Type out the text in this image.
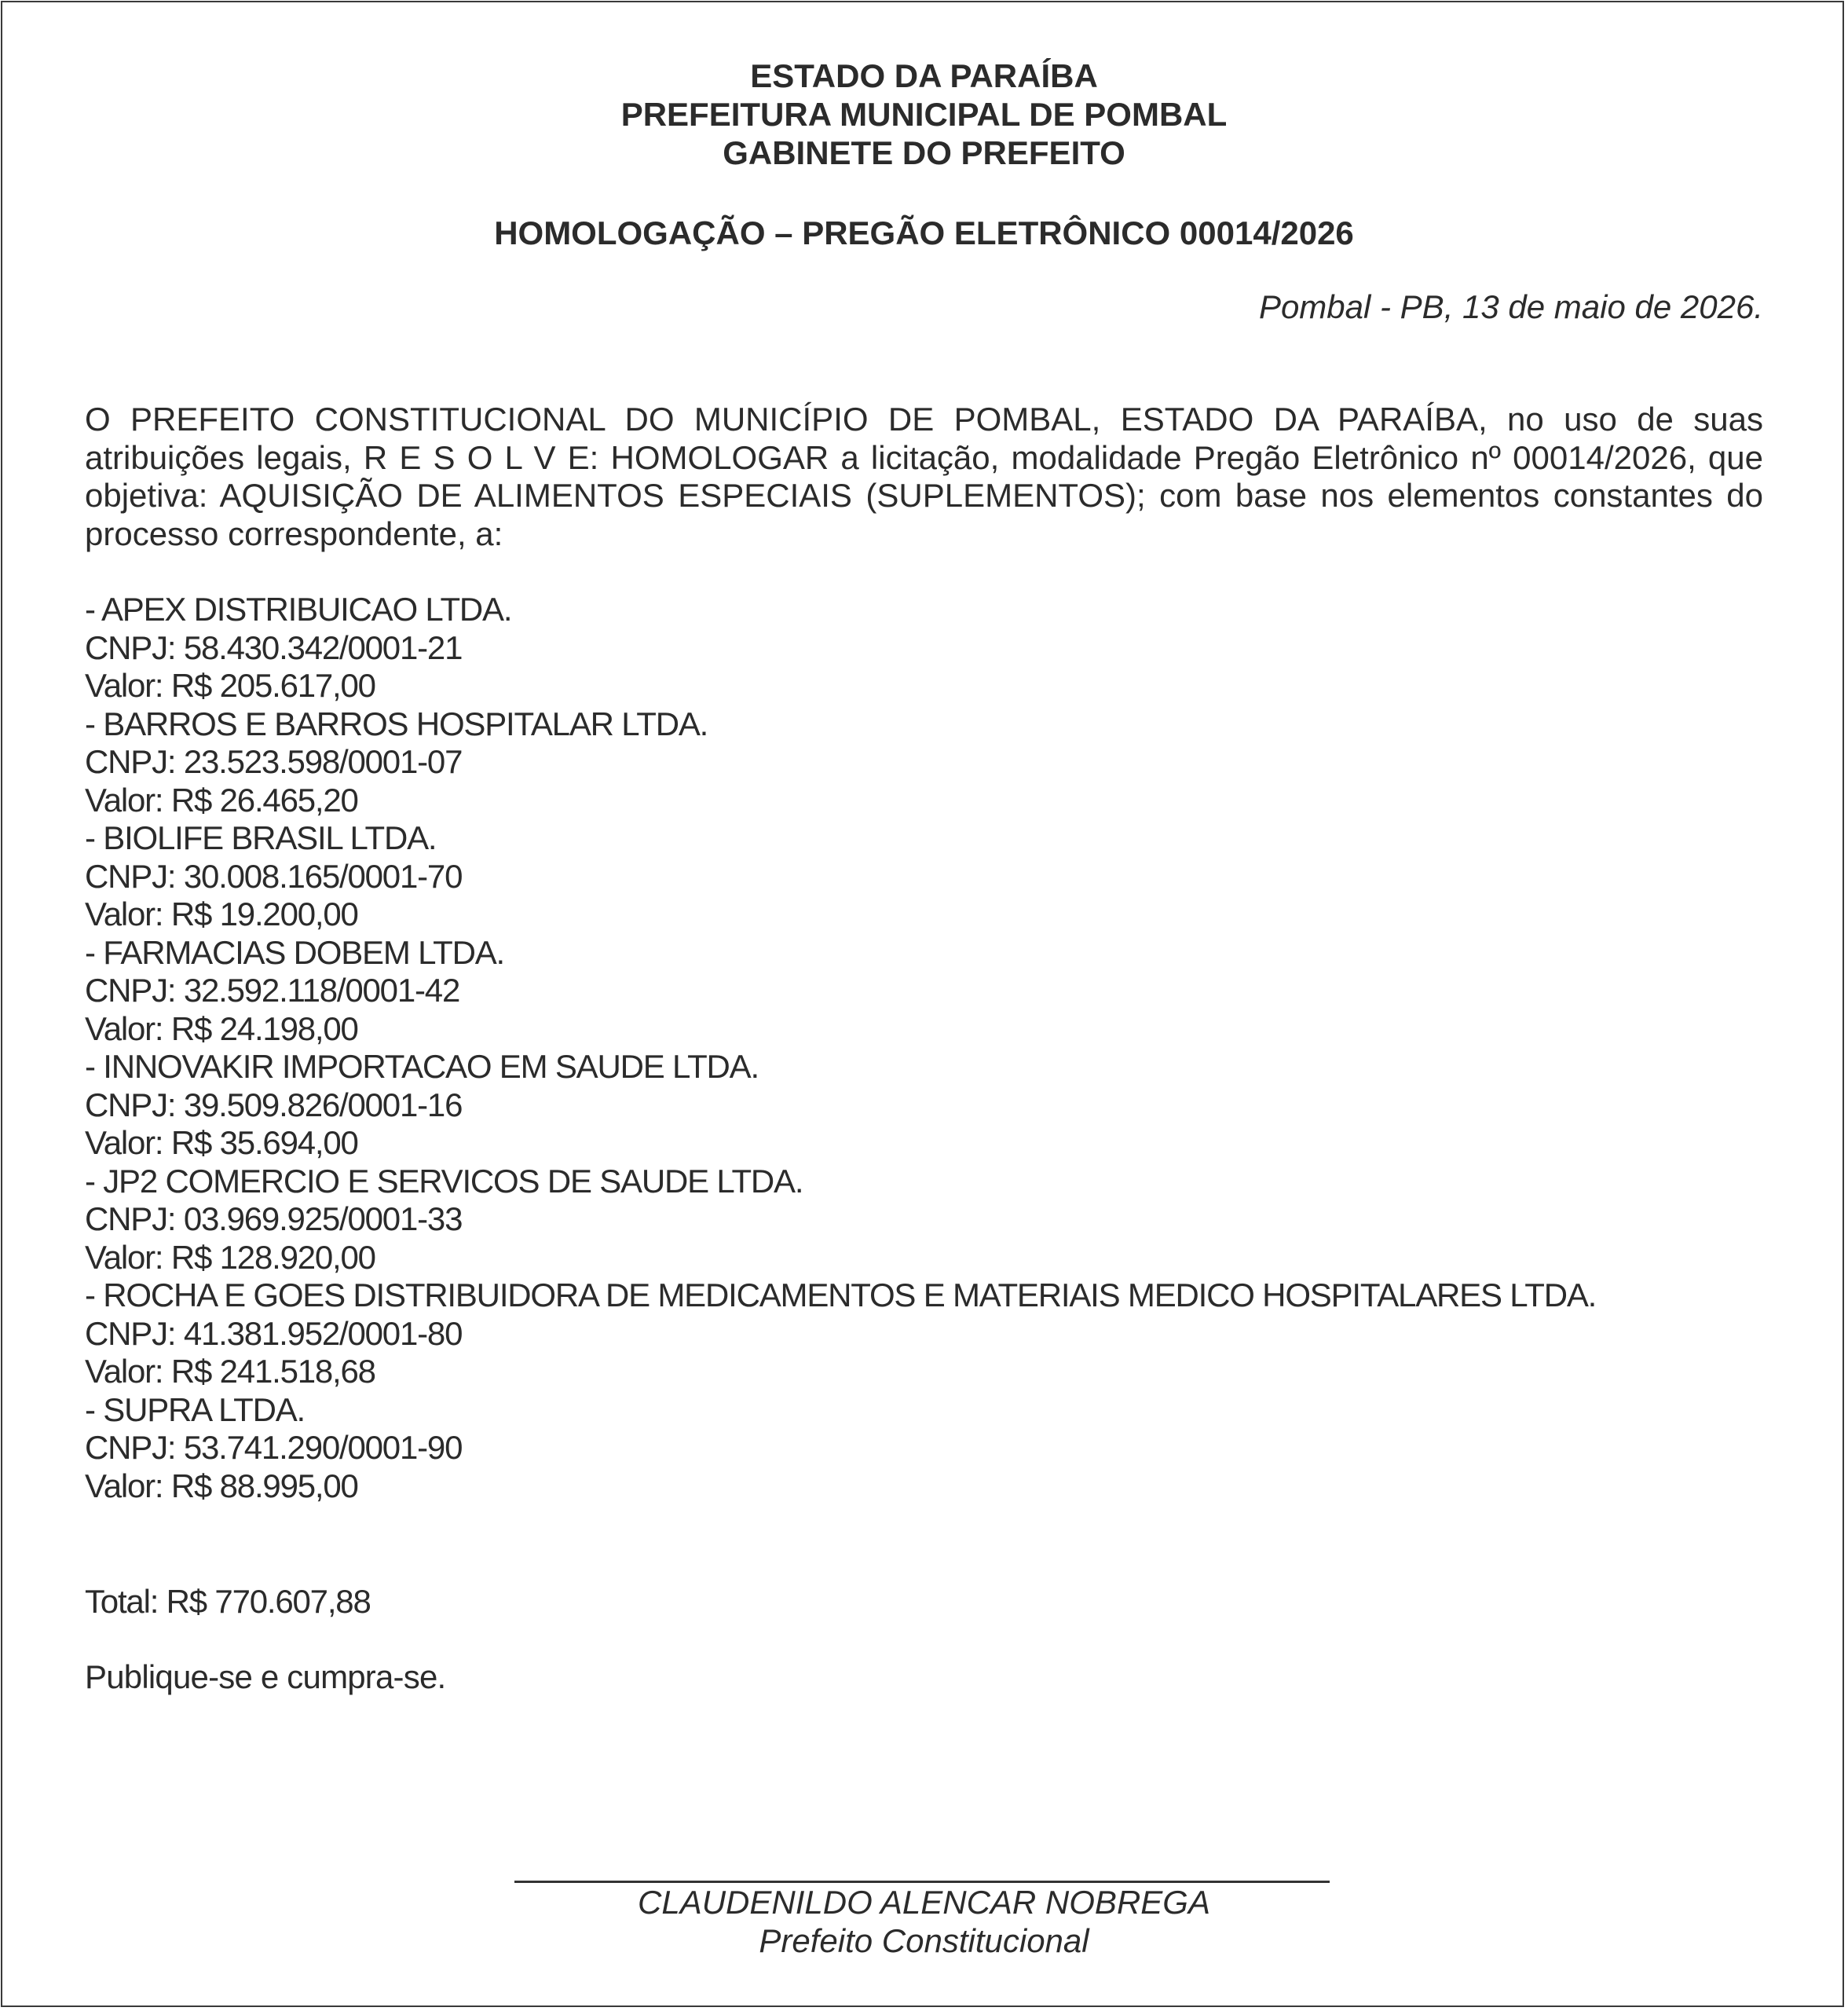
ESTADO DA PARAÍBA
PREFEITURA MUNICIPAL DE POMBAL
GABINETE DO PREFEITO
HOMOLOGAÇÃO – PREGÃO ELETRÔNICO 00014/2026
Pombal - PB, 13 de maio de 2026.
O PREFEITO CONSTITUCIONAL DO MUNICÍPIO DE POMBAL, ESTADO DA PARAÍBA, no uso de suas atribuições legais, R E S O L V E: HOMOLOGAR a licitação, modalidade Pregão Eletrônico nº 00014/2026, que objetiva: AQUISIÇÃO DE ALIMENTOS ESPECIAIS (SUPLEMENTOS); com base nos elementos constantes do processo correspondente, a:
- APEX DISTRIBUICAO LTDA.
CNPJ: 58.430.342/0001-21
Valor: R$ 205.617,00
- BARROS E BARROS HOSPITALAR LTDA.
CNPJ: 23.523.598/0001-07
Valor: R$ 26.465,20
- BIOLIFE BRASIL LTDA.
CNPJ: 30.008.165/0001-70
Valor: R$ 19.200,00
- FARMACIAS DOBEM LTDA.
CNPJ: 32.592.118/0001-42
Valor: R$ 24.198,00
- INNOVAKIR IMPORTACAO EM SAUDE LTDA.
CNPJ: 39.509.826/0001-16
Valor: R$ 35.694,00
- JP2 COMERCIO E SERVICOS DE SAUDE LTDA.
CNPJ: 03.969.925/0001-33
Valor: R$ 128.920,00
- ROCHA E GOES DISTRIBUIDORA DE MEDICAMENTOS E MATERIAIS MEDICO HOSPITALARES LTDA.
CNPJ: 41.381.952/0001-80
Valor: R$ 241.518,68
- SUPRA LTDA.
CNPJ: 53.741.290/0001-90
Valor: R$ 88.995,00
Total: R$ 770.607,88
Publique-se e cumpra-se.
CLAUDENILDO ALENCAR NOBREGA
Prefeito Constitucional
